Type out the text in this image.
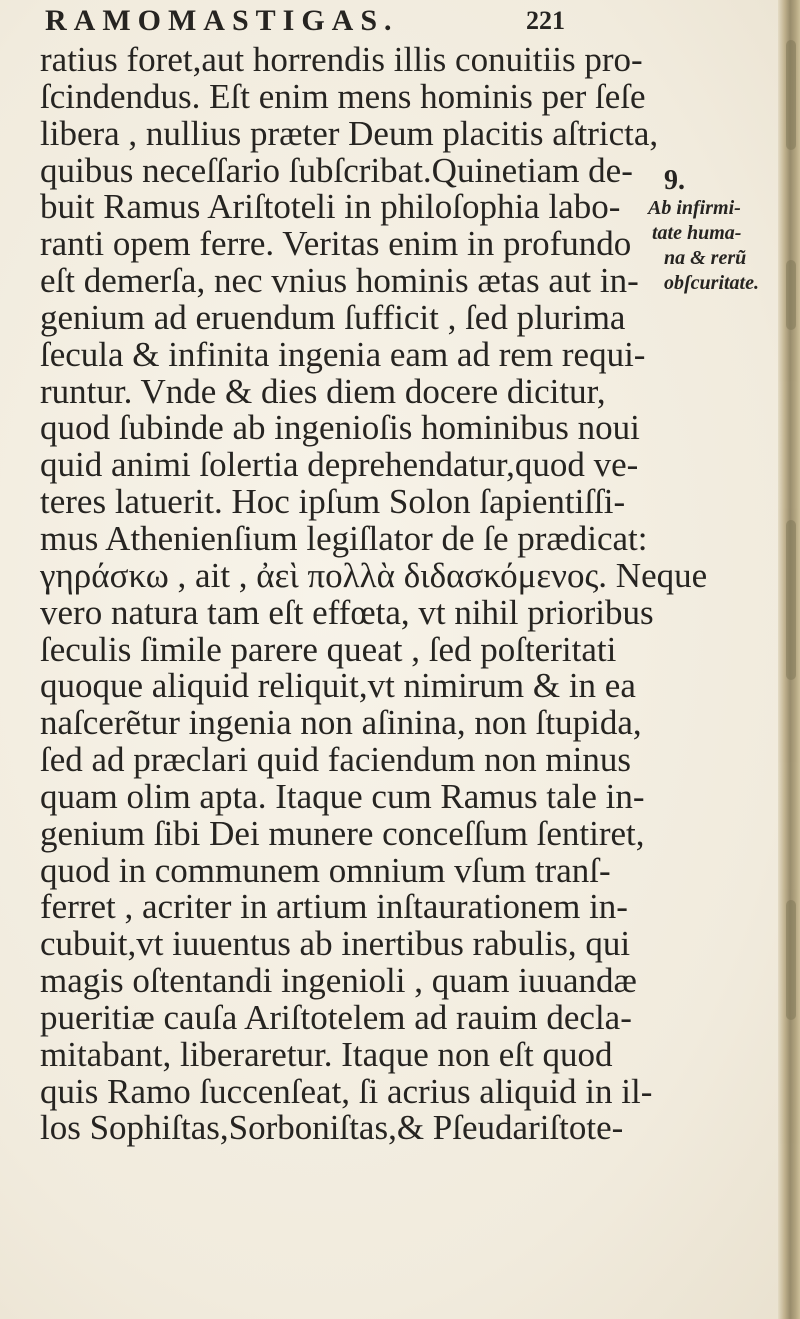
RAMOMASTIGAS.	221
ratius foret,aut horrendis illis conuitiis pro-
ſcindendus. Eſt enim mens hominis per ſeſe
libera , nullius præter Deum placitis aſtricta,
quibus neceſſario ſubſcribat.Quinetiam de-
buit Ramus Ariſtoteli in philoſophia labo-
ranti opem ferre. Veritas enim in profundo
eſt demerſa, nec vnius hominis ætas aut in-
genium ad eruendum ſufficit , ſed plurima
ſecula & infinita ingenia eam ad rem requi-
runtur. Vnde & dies diem docere dicitur,
quod ſubinde ab ingenioſis hominibus noui
quid animi ſolertia deprehendatur,quod ve-
teres latuerit. Hoc ipſum Solon ſapientiſſi-
mus Athenienſium legiſlator de ſe prædicat:
γηράσκω , ait , ἀεὶ πολλὰ διδασκόμενος. Neque
vero natura tam eſt effœta, vt nihil prioribus
ſeculis ſimile parere queat , ſed poſteritati
quoque aliquid reliquit,vt nimirum & in ea
naſcerẽtur ingenia non aſinina, non ſtupida,
ſed ad præclari quid faciendum non minus
quam olim apta. Itaque cum Ramus tale in-
genium ſibi Dei munere conceſſum ſentiret,
quod in communem omnium vſum tranſ-
ferret , acriter in artium inſtaurationem in-
cubuit,vt iuuentus ab inertibus rabulis, qui
magis oſtentandi ingenioli , quam iuuandæ
pueritiæ cauſa Ariſtotelem ad rauim decla-
mitabant, liberaretur. Itaque non eſt quod
quis Ramo ſuccenſeat, ſi acrius aliquid in il-
los Sophiſtas,Sorboniſtas,& Pſeudariſtote-
9.
Ab infirmi-
tate huma-
na & rerũ
obſcuritate.
